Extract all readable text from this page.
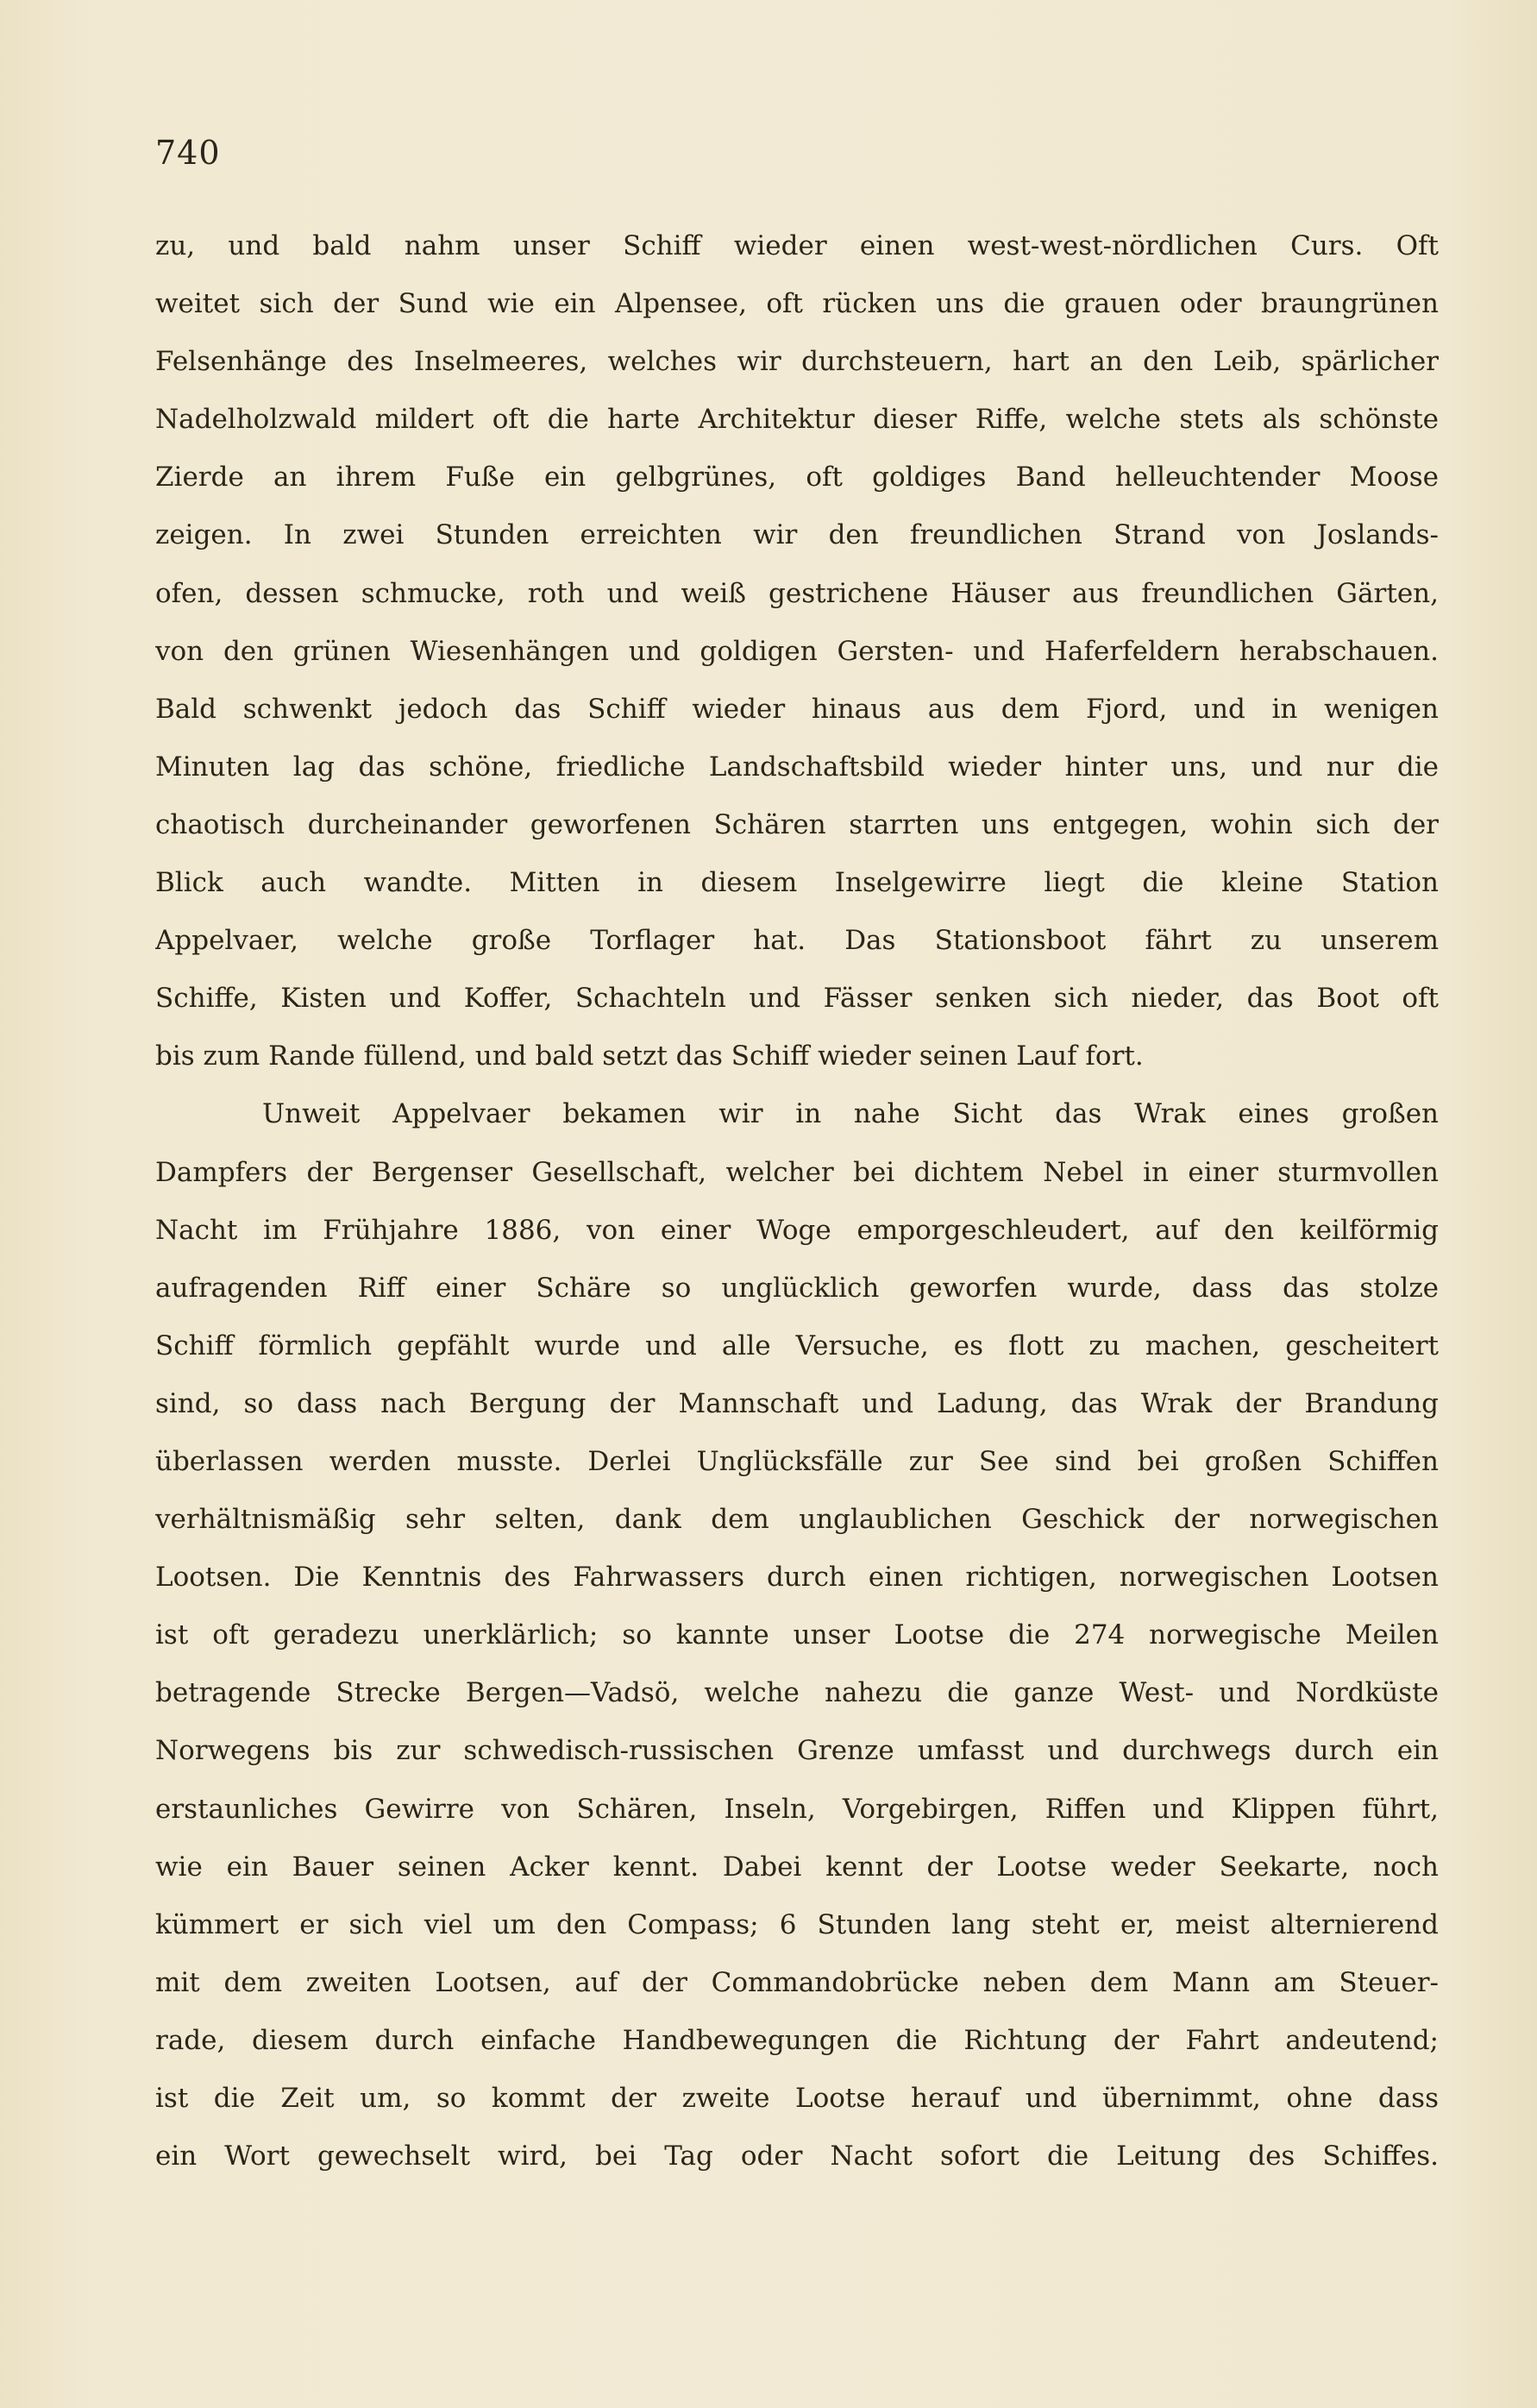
740
zu, und bald nahm unser Schiff wieder einen west-west-nördlichen Curs. Oft
weitet sich der Sund wie ein Alpensee, oft rücken uns die grauen oder braungrünen
Felsenhänge des Inselmeeres, welches wir durchsteuern, hart an den Leib, spärlicher
Nadelholzwald mildert oft die harte Architektur dieser Riffe, welche stets als schönste
Zierde an ihrem Fuße ein gelbgrünes, oft goldiges Band helleuchtender Moose
zeigen. In zwei Stunden erreichten wir den freundlichen Strand von Joslands-
ofen, dessen schmucke, roth und weiß gestrichene Häuser aus freundlichen Gärten,
von den grünen Wiesenhängen und goldigen Gersten- und Haferfeldern herabschauen.
Bald schwenkt jedoch das Schiff wieder hinaus aus dem Fjord, und in wenigen
Minuten lag das schöne, friedliche Landschaftsbild wieder hinter uns, und nur die
chaotisch durcheinander geworfenen Schären starrten uns entgegen, wohin sich der
Blick auch wandte. Mitten in diesem Inselgewirre liegt die kleine Station
Appelvaer, welche große Torflager hat. Das Stationsboot fährt zu unserem
Schiffe, Kisten und Koffer, Schachteln und Fässer senken sich nieder, das Boot oft
bis zum Rande füllend, und bald setzt das Schiff wieder seinen Lauf fort.
Unweit Appelvaer bekamen wir in nahe Sicht das Wrak eines großen
Dampfers der Bergenser Gesellschaft, welcher bei dichtem Nebel in einer sturmvollen
Nacht im Frühjahre 1886, von einer Woge emporgeschleudert, auf den keilförmig
aufragenden Riff einer Schäre so unglücklich geworfen wurde, dass das stolze
Schiff förmlich gepfählt wurde und alle Versuche, es flott zu machen, gescheitert
sind, so dass nach Bergung der Mannschaft und Ladung, das Wrak der Brandung
überlassen werden musste. Derlei Unglücksfälle zur See sind bei großen Schiffen
verhältnismäßig sehr selten, dank dem unglaublichen Geschick der norwegischen
Lootsen. Die Kenntnis des Fahrwassers durch einen richtigen, norwegischen Lootsen
ist oft geradezu unerklärlich; so kannte unser Lootse die 274 norwegische Meilen
betragende Strecke Bergen—Vadsö, welche nahezu die ganze West- und Nordküste
Norwegens bis zur schwedisch-russischen Grenze umfasst und durchwegs durch ein
erstaunliches Gewirre von Schären, Inseln, Vorgebirgen, Riffen und Klippen führt,
wie ein Bauer seinen Acker kennt. Dabei kennt der Lootse weder Seekarte, noch
kümmert er sich viel um den Compass; 6 Stunden lang steht er, meist alternierend
mit dem zweiten Lootsen, auf der Commandobrücke neben dem Mann am Steuer-
rade, diesem durch einfache Handbewegungen die Richtung der Fahrt andeutend;
ist die Zeit um, so kommt der zweite Lootse herauf und übernimmt, ohne dass
ein Wort gewechselt wird, bei Tag oder Nacht sofort die Leitung des Schiffes.
